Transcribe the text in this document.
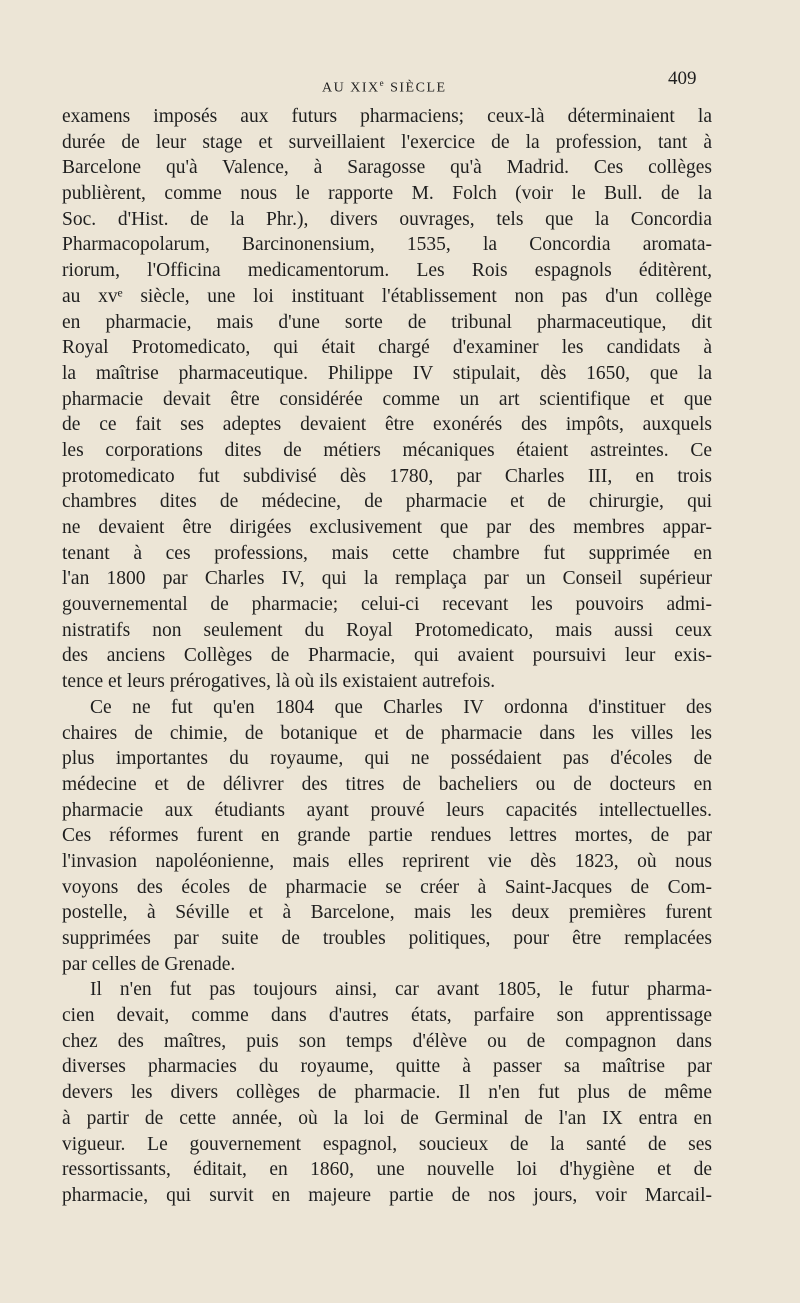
AU XIXe SIÈCLE	409
examens imposés aux futurs pharmaciens; ceux-là déterminaient la
durée de leur stage et surveillaient l'exercice de la profession, tant à
Barcelone qu'à Valence, à Saragosse qu'à Madrid. Ces collèges
publièrent, comme nous le rapporte M. Folch (voir le Bull. de la
Soc. d'Hist. de la Phr.), divers ouvrages, tels que la Concordia
Pharmacopolarum, Barcinonensium, 1535, la Concordia aromata-
riorum, l'Officina medicamentorum. Les Rois espagnols éditèrent,
au xvᵉ siècle, une loi instituant l'établissement non pas d'un collège
en pharmacie, mais d'une sorte de tribunal pharmaceutique, dit
Royal Protomedicato, qui était chargé d'examiner les candidats à
la maîtrise pharmaceutique. Philippe IV stipulait, dès 1650, que la
pharmacie devait être considérée comme un art scientifique et que
de ce fait ses adeptes devaient être exonérés des impôts, auxquels
les corporations dites de métiers mécaniques étaient astreintes. Ce
protomedicato fut subdivisé dès 1780, par Charles III, en trois
chambres dites de médecine, de pharmacie et de chirurgie, qui
ne devaient être dirigées exclusivement que par des membres appar-
tenant à ces professions, mais cette chambre fut supprimée en
l'an 1800 par Charles IV, qui la remplaça par un Conseil supérieur
gouvernemental de pharmacie; celui-ci recevant les pouvoirs admi-
nistratifs non seulement du Royal Protomedicato, mais aussi ceux
des anciens Collèges de Pharmacie, qui avaient poursuivi leur exis-
tence et leurs prérogatives, là où ils existaient autrefois.
Ce ne fut qu'en 1804 que Charles IV ordonna d'instituer des
chaires de chimie, de botanique et de pharmacie dans les villes les
plus importantes du royaume, qui ne possédaient pas d'écoles de
médecine et de délivrer des titres de bacheliers ou de docteurs en
pharmacie aux étudiants ayant prouvé leurs capacités intellectuelles.
Ces réformes furent en grande partie rendues lettres mortes, de par
l'invasion napoléonienne, mais elles reprirent vie dès 1823, où nous
voyons des écoles de pharmacie se créer à Saint-Jacques de Com-
postelle, à Séville et à Barcelone, mais les deux premières furent
supprimées par suite de troubles politiques, pour être remplacées
par celles de Grenade.
Il n'en fut pas toujours ainsi, car avant 1805, le futur pharma-
cien devait, comme dans d'autres états, parfaire son apprentissage
chez des maîtres, puis son temps d'élève ou de compagnon dans
diverses pharmacies du royaume, quitte à passer sa maîtrise par
devers les divers collèges de pharmacie. Il n'en fut plus de même
à partir de cette année, où la loi de Germinal de l'an IX entra en
vigueur. Le gouvernement espagnol, soucieux de la santé de ses
ressortissants, éditait, en 1860, une nouvelle loi d'hygiène et de
pharmacie, qui survit en majeure partie de nos jours, voir Marcail-
